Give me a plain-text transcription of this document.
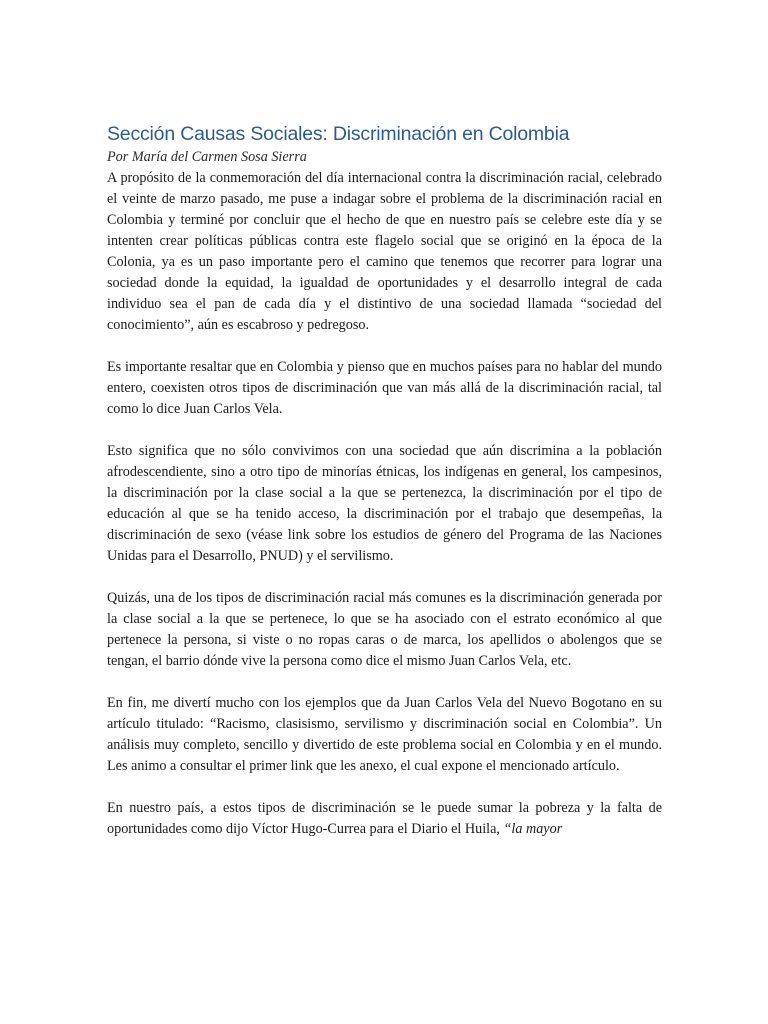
Sección Causas Sociales: Discriminación en Colombia

Por María del Carmen Sosa Sierra

A propósito de la conmemoración del día internacional contra la discriminación racial, celebrado el veinte de marzo pasado, me puse a indagar sobre el problema de la discriminación racial en Colombia y terminé por concluir que el hecho de que en nuestro país se celebre este día y se intenten crear políticas públicas contra este flagelo social que se originó en la época de la Colonia, ya es un paso importante pero el camino que tenemos que recorrer para lograr una sociedad donde la equidad, la igualdad de oportunidades y el desarrollo integral de cada individuo sea el pan de cada día y el distintivo de una sociedad llamada “sociedad del conocimiento”, aún es escabroso y pedregoso.

Es importante resaltar que en Colombia y pienso que en muchos países para no hablar del mundo entero, coexisten otros tipos de discriminación que van más allá de la discriminación racial, tal como lo dice Juan Carlos Vela.

Esto significa que no sólo convivimos con una sociedad que aún discrimina a la población afrodescendiente, sino a otro tipo de minorías étnicas, los indígenas en general, los campesinos, la discriminación por la clase social a la que se pertenezca, la discriminación por el tipo de educación al que se ha tenido acceso, la discriminación por el trabajo que desempeñas, la discriminación de sexo (véase link sobre los estudios de género del Programa de las Naciones Unidas para el Desarrollo, PNUD) y el servilismo.

Quizás, una de los tipos de discriminación racial más comunes es la discriminación generada por la clase social a la que se pertenece, lo que se ha asociado con el estrato económico al que pertenece la persona, si viste o no ropas caras o de marca, los apellidos o abolengos que se tengan, el barrio dónde vive la persona como dice el mismo Juan Carlos Vela, etc.

En fin, me divertí mucho con los ejemplos que da Juan Carlos Vela del Nuevo Bogotano en su artículo titulado: “Racismo, clasisismo, servilismo y discriminación social en Colombia”. Un análisis muy completo, sencillo y divertido de este problema social en Colombia y en el mundo. Les animo a consultar el primer link que les anexo, el cual expone el mencionado artículo.

En nuestro país, a estos tipos de discriminación se le puede sumar la pobreza y la falta de oportunidades como dijo Víctor Hugo-Currea para el Diario el Huila, “la mayor
